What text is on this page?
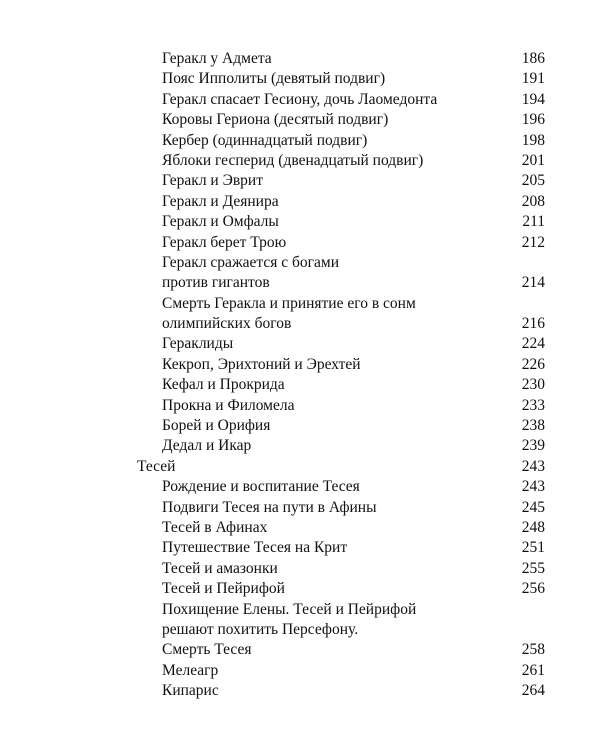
Геракл у Адмета . . .	186
Пояс Ипполиты (девятый подвиг) . . .	191
Геракл спасает Гесиону, дочь Лаомедонта . . .	194
Коровы Гериона (десятый подвиг) . . .	196
Кербер (одиннадцатый подвиг) . . .	198
Яблоки гесперид (двенадцатый подвиг) . . .	201
Геракл и Эврит . . .	205
Геракл и Деянира . . .	208
Геракл и Омфалы . . .	211
Геракл берет Трою . . .	212
Геракл сражается с богами
против гигантов . . .	214
Смерть Геракла и принятие его в сонм
олимпийских богов . . .	216
Гераклиды . . .	224
Кекроп, Эрихтоний и Эрехтей . . .	226
Кефал и Прокрида . . .	230
Прокна и Филомела . . .	233
Борей и Орифия . . .	238
Дедал и Икар . . .	239
Тесей . . .	243
Рождение и воспитание Тесея . . .	243
Подвиги Тесея на пути в Афины . . .	245
Тесей в Афинах . . .	248
Путешествие Тесея на Крит . . .	251
Тесей и амазонки . . .	255
Тесей и Пейрифой . . .	256
Похищение Елены. Тесей и Пейрифой
решают похитить Персефону.
Смерть Тесея . . .	258
Мелеагр . . .	261
Кипарис . . .	264
